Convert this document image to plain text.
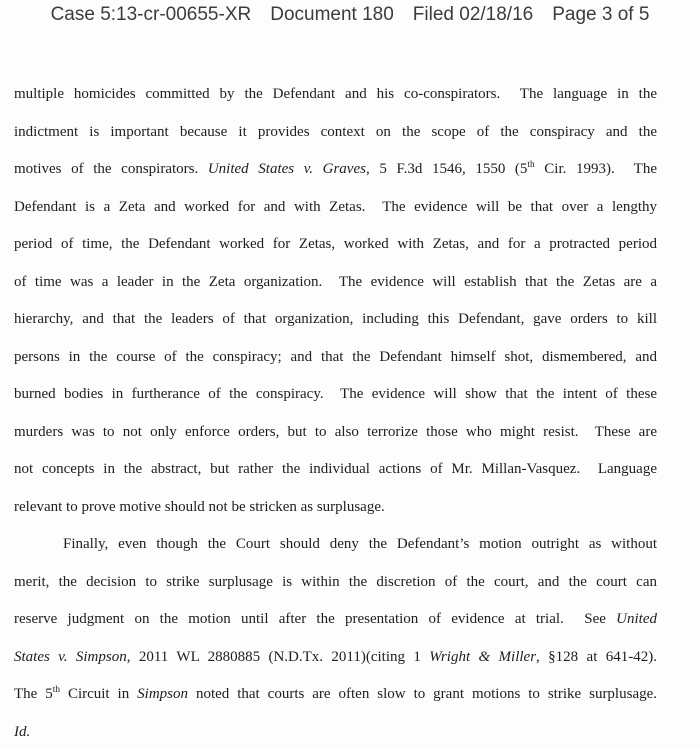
Case 5:13-cr-00655-XR Document 180 Filed 02/18/16 Page 3 of 5
multiple homicides committed by the Defendant and his co-conspirators.  The language in the
indictment is important because it provides context on the scope of the conspiracy and the
motives of the conspirators. United States v. Graves, 5 F.3d 1546, 1550 (5th Cir. 1993).  The
Defendant is a Zeta and worked for and with Zetas.  The evidence will be that over a lengthy
period of time, the Defendant worked for Zetas, worked with Zetas, and for a protracted period
of time was a leader in the Zeta organization.  The evidence will establish that the Zetas are a
hierarchy, and that the leaders of that organization, including this Defendant, gave orders to kill
persons in the course of the conspiracy; and that the Defendant himself shot, dismembered, and
burned bodies in furtherance of the conspiracy.  The evidence will show that the intent of these
murders was to not only enforce orders, but to also terrorize those who might resist.  These are
not concepts in the abstract, but rather the individual actions of Mr. Millan-Vasquez.  Language
relevant to prove motive should not be stricken as surplusage.
Finally, even though the Court should deny the Defendant’s motion outright as without
merit, the decision to strike surplusage is within the discretion of the court, and the court can
reserve judgment on the motion until after the presentation of evidence at trial.  See United
States v. Simpson, 2011 WL 2880885 (N.D.Tx. 2011)(citing 1 Wright & Miller, §128 at 641-42).
The 5th Circuit in Simpson noted that courts are often slow to grant motions to strike surplusage.
Id.
